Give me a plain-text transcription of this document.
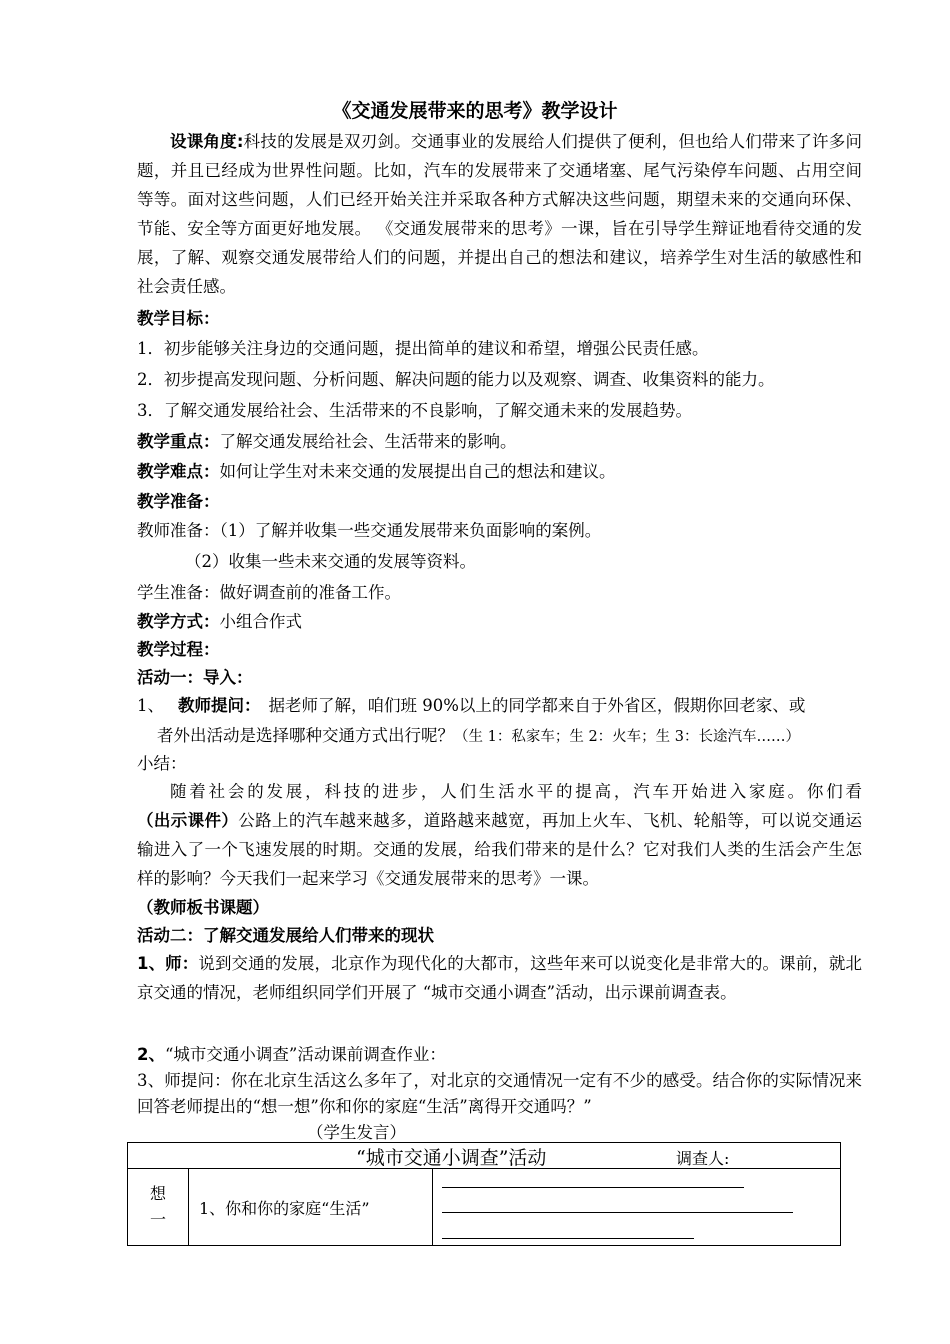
《交通发展带来的思考》教学设计

设课角度:科技的发展是双刃剑。交通事业的发展给人们提供了便利，但也给人们带来了许多问题，并且已经成为世界性问题。比如，汽车的发展带来了交通堵塞、尾气污染停车问题、占用空间等等。面对这些问题，人们已经开始关注并采取各种方式解决这些问题，期望未来的交通向环保、节能、安全等方面更好地发展。 《交通发展带来的思考》一课，旨在引导学生辩证地看待交通的发展，了解、观察交通发展带给人们的问题，并提出自己的想法和建议，培养学生对生活的敏感性和社会责任感。

教学目标：
1．初步能够关注身边的交通问题，提出简单的建议和希望，增强公民责任感。
2．初步提高发现问题、分析问题、解决问题的能力以及观察、调查、收集资料的能力。
3．了解交通发展给社会、生活带来的不良影响，了解交通未来的发展趋势。
教学重点：了解交通发展给社会、生活带来的影响。
教学难点：如何让学生对未来交通的发展提出自己的想法和建议。
教学准备：
教师准备：（1）了解并收集一些交通发展带来负面影响的案例。
（2）收集一些未来交通的发展等资料。
学生准备：做好调查前的准备工作。
教学方式：小组合作式
教学过程：
活动一：导入：
1、 教师提问： 据老师了解，咱们班 90%以上的同学都来自于外省区，假期你回老家、或
者外出活动是选择哪种交通方式出行呢？（生 1：私家车；生 2：火车；生 3：长途汽车……）
小结：

随着社会的发展，科技的进步，人们生活水平的提高，汽车开始进入家庭。你们看（出示课件）公路上的汽车越来越多，道路越来越宽，再加上火车、飞机、轮船等，可以说交通运输进入了一个飞速发展的时期。交通的发展，给我们带来的是什么？它对我们人类的生活会产生怎样的影响？今天我们一起来学习《交通发展带来的思考》一课。

（教师板书课题）

活动二：了解交通发展给人们带来的现状

1、师：说到交通的发展，北京作为现代化的大都市，这些年来可以说变化是非常大的。课前，就北京交通的情况，老师组织同学们开展了 “城市交通小调查”活动，出示课前调查表。

2、“城市交通小调查”活动课前调查作业：

3、师提问：你在北京生活这么多年了，对北京的交通情况一定有不少的感受。结合你的实际情况来回答老师提出的“想一想”你和你的家庭“生活”离得开交通吗？”

（学生发言）
“城市交通小调查”活动	调查人:

想
一	1、你和你的家庭“生活”	
